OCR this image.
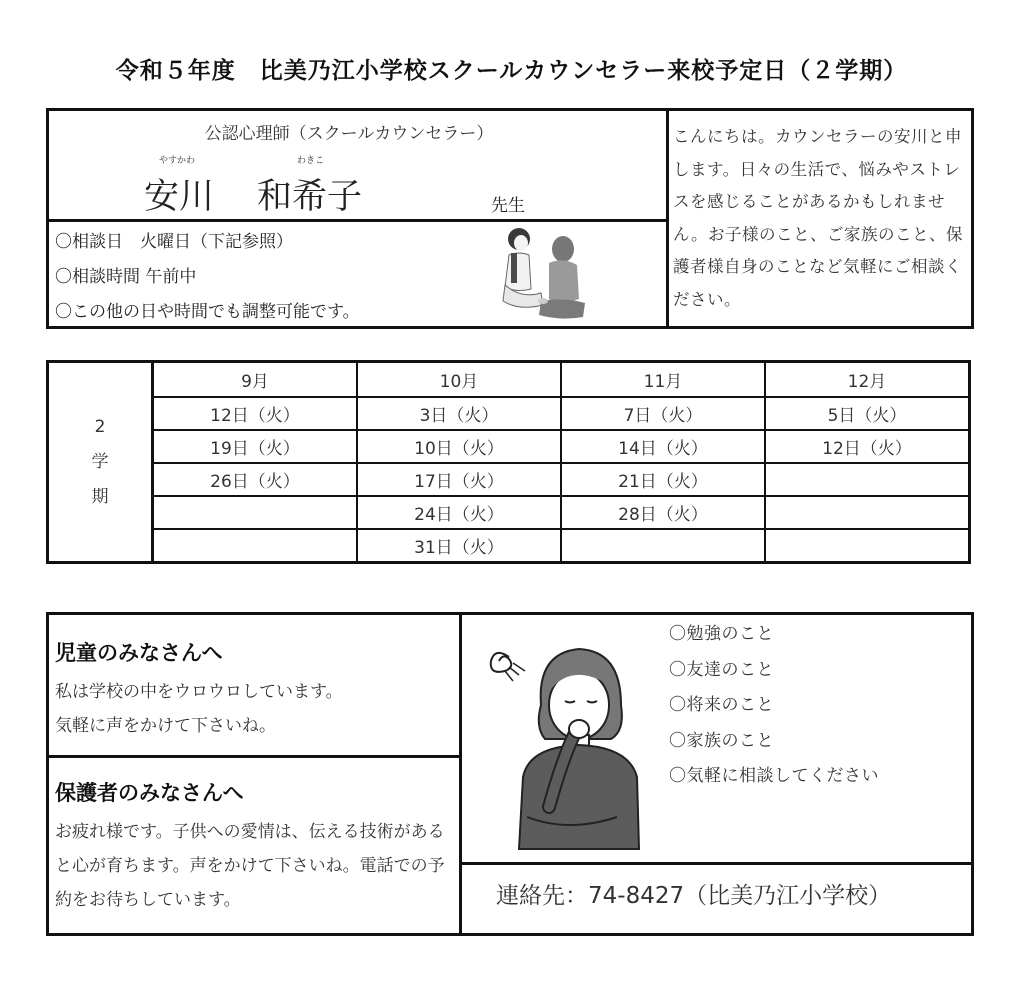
令和５年度　比美乃江小学校スクールカウンセラー来校予定日（２学期）
公認心理師（スクールカウンセラー）
やすかわ	わきこ
安川 和希子	先生
〇相談日　火曜日（下記参照）
〇相談時間 午前中
〇この他の日や時間でも調整可能です。
こんにちは。カウンセラーの安川と申します。日々の生活で、悩みやストレスを感じることがあるかもしれません。お子様のこと、ご家族のこと、保護者様自身のことなど気軽にご相談ください。
2
学
期	9月	10月	11月	12月
	12日（火）	3日（火）	7日（火）	5日（火）
	19日（火）	10日（火）	14日（火）	12日（火）
	26日（火）	17日（火）	21日（火）	
		24日（火）	28日（火）	
		31日（火）		
児童のみなさんへ
私は学校の中をウロウロしています。
気軽に声をかけて下さいね。
保護者のみなさんへ
お疲れ様です。子供への愛情は、伝える技術があると心が育ちます。声をかけて下さいね。電話での予約をお待ちしています。
〇勉強のこと
〇友達のこと
〇将来のこと
〇家族のこと
〇気軽に相談してください
連絡先：74-8427（比美乃江小学校）
